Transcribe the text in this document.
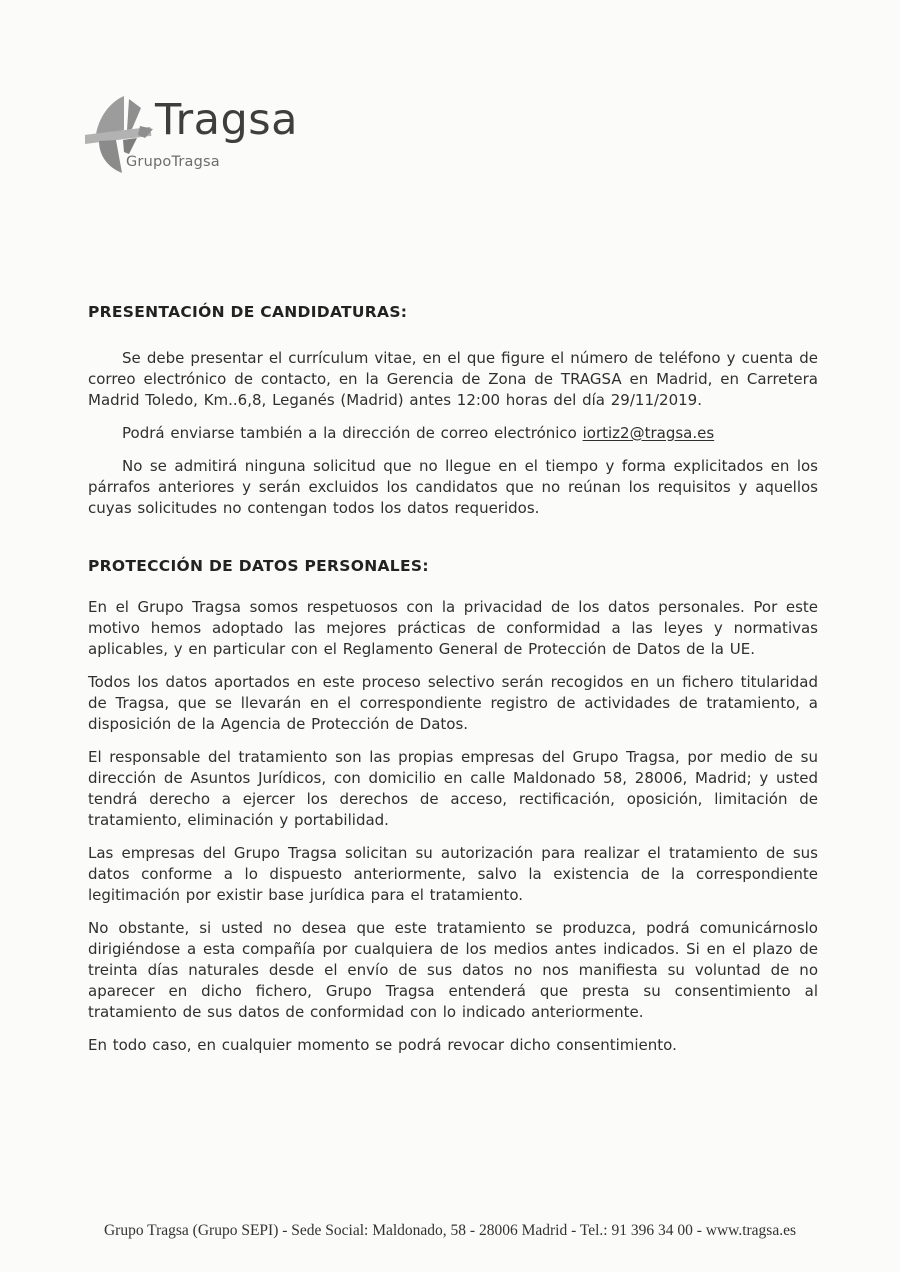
Tragsa
GrupoTragsa
PRESENTACIÓN DE CANDIDATURAS:

Se debe presentar el currículum vitae, en el que figure el número de teléfono y cuenta de correo electrónico de contacto, en la Gerencia de Zona de TRAGSA en Madrid, en Carretera Madrid Toledo, Km..6,8, Leganés (Madrid) antes 12:00 horas del día 29/11/2019.

Podrá enviarse también a la dirección de correo electrónico iortiz2@tragsa.es

No se admitirá ninguna solicitud que no llegue en el tiempo y forma explicitados en los párrafos anteriores y serán excluidos los candidatos que no reúnan los requisitos y aquellos cuyas solicitudes no contengan todos los datos requeridos.

PROTECCIÓN DE DATOS PERSONALES:

En el Grupo Tragsa somos respetuosos con la privacidad de los datos personales. Por este motivo hemos adoptado las mejores prácticas de conformidad a las leyes y normativas aplicables, y en particular con el Reglamento General de Protección de Datos de la UE.

Todos los datos aportados en este proceso selectivo serán recogidos en un fichero titularidad de Tragsa, que se llevarán en el correspondiente registro de actividades de tratamiento, a disposición de la Agencia de Protección de Datos.

El responsable del tratamiento son las propias empresas del Grupo Tragsa, por medio de su dirección de Asuntos Jurídicos, con domicilio en calle Maldonado 58, 28006, Madrid; y usted tendrá derecho a ejercer los derechos de acceso, rectificación, oposición, limitación de tratamiento, eliminación y portabilidad.

Las empresas del Grupo Tragsa solicitan su autorización para realizar el tratamiento de sus datos conforme a lo dispuesto anteriormente, salvo la existencia de la correspondiente legitimación por existir base jurídica para el tratamiento.

No obstante, si usted no desea que este tratamiento se produzca, podrá comunicárnoslo dirigiéndose a esta compañía por cualquiera de los medios antes indicados. Si en el plazo de treinta días naturales desde el envío de sus datos no nos manifiesta su voluntad de no aparecer en dicho fichero, Grupo Tragsa entenderá que presta su consentimiento al tratamiento de sus datos de conformidad con lo indicado anteriormente.

En todo caso, en cualquier momento se podrá revocar dicho consentimiento.

Grupo Tragsa (Grupo SEPI) - Sede Social: Maldonado, 58 - 28006 Madrid - Tel.: 91 396 34 00 - www.tragsa.es
